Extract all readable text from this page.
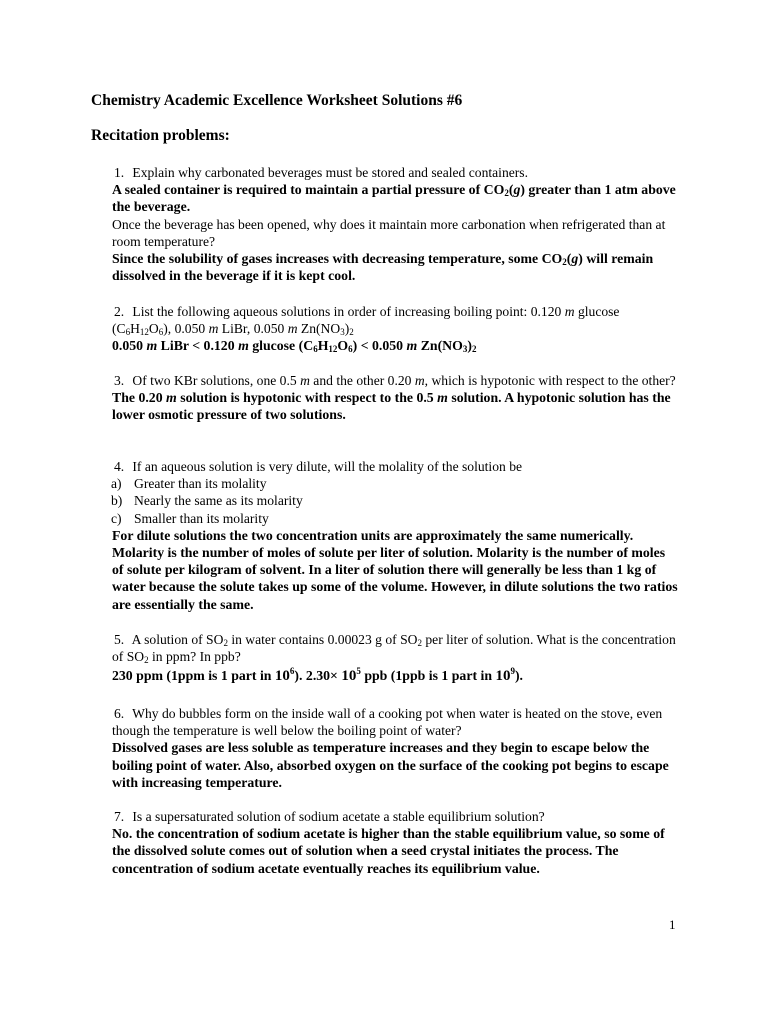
Chemistry Academic Excellence Worksheet Solutions #6
Recitation problems:
1. Explain why carbonated beverages must be stored and sealed containers.
A sealed container is required to maintain a partial pressure of $CO_2(g)$ greater than 1 atm above the beverage.
Once the beverage has been opened, why does it maintain more carbonation when refrigerated than at room temperature?
Since the solubility of gases increases with decreasing temperature, some $CO_2(g)$ will remain dissolved in the beverage if it is kept cool.
2. List the following aqueous solutions in order of increasing boiling point: 0.120 m glucose $(C_6H_{12}O_6)$, 0.050 m LiBr, 0.050 m $Zn(NO_3)_2$
0.050 m LiBr < 0.120 m glucose $(C_6H_{12}O_6) < 0.050$ m $Zn(NO_3)_2$
3. Of two KBr solutions, one 0.5 m and the other 0.20 m, which is hypotonic with respect to the other?
The 0.20 m solution is hypotonic with respect to the 0.5 m solution. A hypotonic solution has the lower osmotic pressure of two solutions.
4. If an aqueous solution is very dilute, will the molality of the solution be
a) Greater than its molality
b) Nearly the same as its molarity
c) Smaller than its molarity
For dilute solutions the two concentration units are approximately the same numerically. Molarity is the number of moles of solute per liter of solution. Molarity is the number of moles of solute per kilogram of solvent. In a liter of solution there will generally be less than 1 kg of water because the solute takes up some of the volume. However, in dilute solutions the two ratios are essentially the same.
5. A solution of $SO_2$ in water contains 0.00023 g of $SO_2$ per liter of solution. What is the concentration of $SO_2$ in ppm? In ppb?
230 ppm (1ppm is 1 part in $10^6$). $2.30\times 10^5$ ppb (1ppb is 1 part in $10^9$).
6. Why do bubbles form on the inside wall of a cooking pot when water is heated on the stove, even though the temperature is well below the boiling point of water?
Dissolved gases are less soluble as temperature increases and they begin to escape below the boiling point of water. Also, absorbed oxygen on the surface of the cooking pot begins to escape with increasing temperature.
7. Is a supersaturated solution of sodium acetate a stable equilibrium solution?
No. the concentration of sodium acetate is higher than the stable equilibrium value, so some of the dissolved solute comes out of solution when a seed crystal initiates the process. The concentration of sodium acetate eventually reaches its equilibrium value.
1
